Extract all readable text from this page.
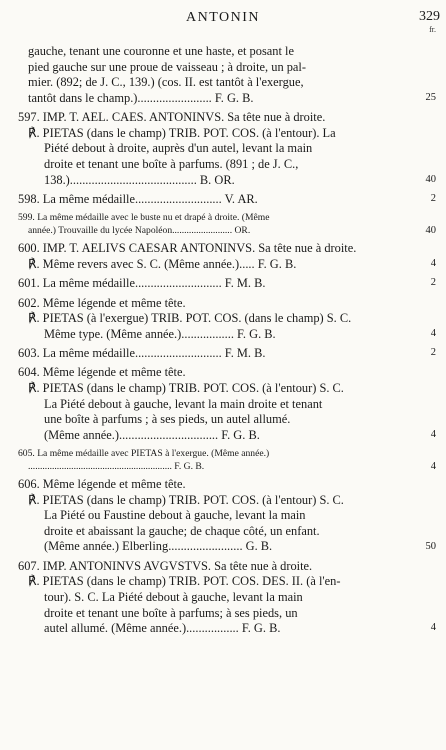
ANTONIN	329
fr.
gauche, tenant une couronne et une haste, et posant le
pied gauche sur une proue de vaisseau ; à droite, un pal-
mier. (892; de J. C., 139.) (cos. II. est tantôt à l'exergue,
tantôt dans le champ.)........................ F. G. B.
597. IMP. T. AEL. CAES. ANTONINVS. Sa tête nue à droite.
℟. PIETAS (dans le champ) TRIB. POT. COS. (à l'entour). La
Piété debout à droite, auprès d'un autel, levant la main
droite et tenant une boîte à parfums. (891 ; de J. C.,
138.)......................................... B. OR.
598. La même médaille............................ V. AR.
599. La même médaille avec le buste nu et drapé à droite. (Même
année.) Trouvaille du lycée Napoléon......................... OR.
600. IMP. T. AELIVS CAESAR ANTONINVS. Sa tête nue à droite.
℟. Même revers avec S. C. (Même année.)..... F. G. B.
601. La même médaille............................ F. M. B.
602. Même légende et même tête.
℟. PIETAS (à l'exergue) TRIB. POT. COS. (dans le champ) S. C.
Même type. (Même année.)................. F. G. B.
603. La même médaille............................ F. M. B.
604. Même légende et même tête.
℟. PIETAS (dans le champ) TRIB. POT. COS. (à l'entour) S. C.
La Piété debout à gauche, levant la main droite et tenant
une boîte à parfums ; à ses pieds, un autel allumé.
(Même année.)................................ F. G. B.
605. La même médaille avec PIETAS à l'exergue. (Même année.)
............................................................ F. G. B.
606. Même légende et même tête.
℟. PIETAS (dans le champ) TRIB. POT. COS. (à l'entour) S. C.
La Piété ou Faustine debout à gauche, levant la main
droite et abaissant la gauche; de chaque côté, un enfant.
(Même année.) Elberling........................ G. B.
607. IMP. ANTONINVS AVGVSTVS. Sa tête nue à droite.
℟. PIETAS (dans le champ) TRIB. POT. COS. DES. II. (à l'en-
tour). S. C. La Piété debout à gauche, levant la main
droite et tenant une boîte à parfums; à ses pieds, un
autel allumé. (Même année.)................. F. G. B.
25
40
2
40
4
2
4
2
4
4
50
4
